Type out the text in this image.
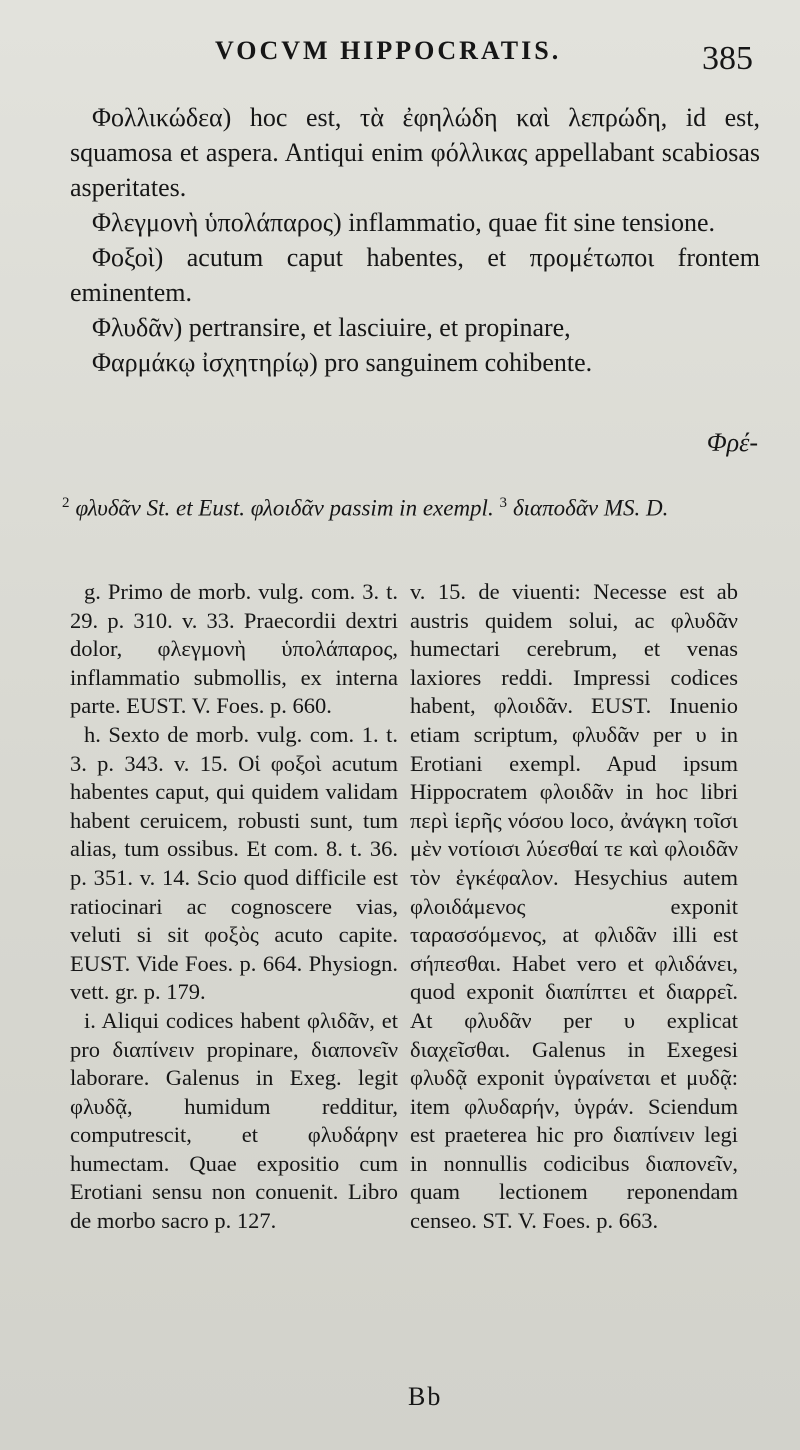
VOCVM HIPPOCRATIS.	385

Φολλικώδεα) hoc est, τὰ ἐφηλώδη καὶ λεπρώδη, id est, squamosa et aspera. Antiqui enim φόλλικας appellabant scabiosas asperitates.

Φλεγμονὴ ὑπολάπαρος) inflammatio, quae fit sine tensione.

Φοξοὶ) acutum caput habentes, et προμέτωποι frontem eminentem.

Φλυδᾶν) pertransire, et lasciuire, et propinare,

Φαρμάκῳ ἰσχητηρίῳ) pro sanguinem cohibente.

Φρέ-

$^2$ φλυδᾶν St. et Eust. φλοιδᾶν passim in exempl. $^3$ διαποδᾶν MS. D.

g. Primo de morb. vulg. com. 3. t. 29. p. 310. v. 33. Praecordii dextri dolor, φλεγμονὴ ὑπολάπαρος, inflammatio submollis, ex interna parte. EUST. V. Foes. p. 660.

h. Sexto de morb. vulg. com. 1. t. 3. p. 343. v. 15. Οἱ φοξοὶ acutum habentes caput, qui quidem validam habent ceruicem, robusti sunt, tum alias, tum ossibus. Et com. 8. t. 36. p. 351. v. 14. Scio quod difficile est ratiocinari ac cognoscere vias, veluti si sit φοξὸς acuto capite. EUST. Vide Foes. p. 664. Physiogn. vett. gr. p. 179.

i. Aliqui codices habent φλιδᾶν, et pro διαπίνειν propinare, διαπονεῖν laborare. Galenus in Exeg. legit φλυδᾷ, humidum redditur, computrescit, et φλυδάρην humectam. Quae expositio cum Erotiani sensu non conuenit. Libro de morbo sacro p. 127.

v. 15. de viuenti: Necesse est ab austris quidem solui, ac φλυδᾶν humectari cerebrum, et venas laxiores reddi. Impressi codices habent, φλοιδᾶν. EUST. Inuenio etiam scriptum, φλυδᾶν per υ in Erotiani exempl. Apud ipsum Hippocratem φλοιδᾶν in hoc libri περὶ ἱερῆς νόσου loco, ἀνάγκη τοῖσι μὲν νοτίοισι λύεσθαί τε καὶ φλοιδᾶν τὸν ἐγκέφαλον. Hesychius autem φλοιδάμενος exponit ταρασσόμενος, at φλιδᾶν illi est σήπεσθαι. Habet vero et φλιδάνει, quod exponit διαπίπτει et διαρρεῖ. At φλυδᾶν per υ explicat διαχεῖσθαι. Galenus in Exegesi φλυδᾷ exponit ὑγραίνεται et μυδᾷ: item φλυδαρήν, ὑγράν. Sciendum est praeterea hic pro διαπίνειν legi in nonnullis codicibus διαπονεῖν, quam lectionem reponendam censeo. ST. V. Foes. p. 663.

Bb
